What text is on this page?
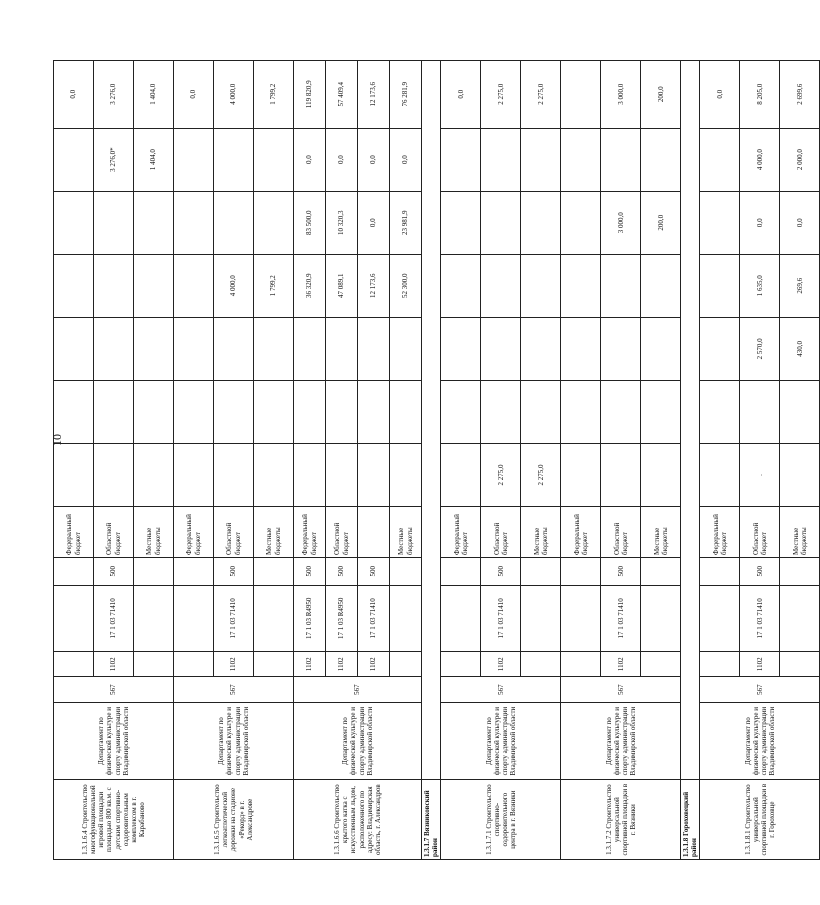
10
1.3.1.6.4 Строительство многофункциональной игровой площадки площадью 800 кв.м. с детским спортивно-оздоровительным комплексом в г. Карабаново	Департамент по физической культуре и спорту администрации Владимирской области	567				Федеральный бюджет							0,0
			1102	17 1 03 71410	500	Областной бюджет						3 276,0*	3 276,0
						Местные бюджеты						1 404,0	1 404,0
1.3.1.6.5 Строительство легкоатлетической дорожки на стадионе «Рекорд» в г. Александрове	Департамент по физической культуре и спорту администрации Владимирской области	567				Федеральный бюджет							0,0
			1102	17 1 03 71410	500	Областной бюджет				4 000,0			4 000,0
						Местные бюджеты				1 799,2			1 799,2
1.3.1.6.6 Строительство крытого катка с искусственным льдом, расположенного по адресу: Владимирская область, г. Александров	Департамент по физической культуре и спорту администрации Владимирской области	567	1102	17 1 03 R4950	500	Федеральный бюджет				36 320,9	83 500,0	0,0	119 820,9
			1102	17 1 03 R4950	500	Областной бюджет				47 089,1	10 320,3	0,0	57 409,4
			1102	17 1 03 71410	500					12 173,6	0,0	0,0	12 173,6
						Местные бюджеты				52 300,0	23 981,9	0,0	76 281,9
1.3.1.7 Вязниковский район													
1.3.1.7.1 Строительство спортивно-оздоровительного центра в г. Вязники	Департамент по физической культуре и спорту администрации Владимирской области	567				Федеральный бюджет							0,0
			1102	17 1 03 71410	500	Областной бюджет	2 275,0						2 275,0
						Местные бюджеты	2 275,0						2 275,0
1.3.1.7.2 Строительство универсальной спортивной площадки в г. Вязники	Департамент по физической культуре и спорту администрации Владимирской области	567				Федеральный бюджет							
			1102	17 1 03 71410	500	Областной бюджет					3 000,0		3 000,0
						Местные бюджеты					200,0		200,0
1.3.1.8 Гороховецкий район													
1.3.1.8.1 Строительство универсальной спортивной площадки в г. Гороховце	Департамент по физической культуре и спорту администрации Владимирской области	567				Федеральный бюджет							0,0
			1102	17 1 03 71410	500	Областной бюджет	.		2 570,0	1 635,0	0,0	4 000,0	8 205,0
						Местные бюджеты			430,0	269,6	0,0	2 000,0	2 699,6
